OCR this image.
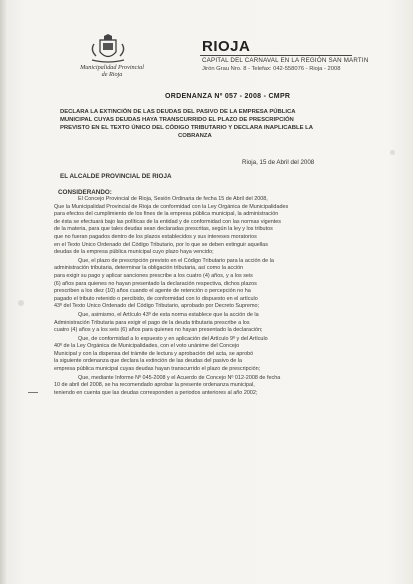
Municipalidad Provincial
de Rioja
RIOJA
CAPITAL DEL CARNAVAL EN LA REGIÓN SAN MARTIN
Jirón Grau Nro. 8 - Telefax: 042-558076 - Rioja - 2008
ORDENANZA Nº 057 - 2008 - CMPR
DECLARA LA EXTINCIÓN DE LAS DEUDAS DEL PASIVO DE LA EMPRESA PÚBLICA
MUNICIPAL CUYAS DEUDAS HAYA TRANSCURRIDO EL PLAZO DE PRESCRIPCIÓN
PREVISTO EN EL TEXTO ÚNICO DEL CÓDIGO TRIBUTARIO Y DECLARA INAPLICABLE LA
COBRANZA
Rioja, 15 de Abril del 2008
EL ALCALDE PROVINCIAL DE RIOJA
CONSIDERANDO:
El Concejo Provincial de Rioja, Sesión Ordinaria de fecha 15 de Abril del 2008,
Que la Municipalidad Provincial de Rioja de conformidad con la Ley Orgánica de Municipalidades
para efectos del cumplimiento de los fines de la empresa pública municipal, la administración
de ésta se efectuará bajo las políticas de la entidad y de conformidad con las normas vigentes
de la materia, para que tales deudas sean declaradas prescritas, según la ley y los tributos
que no fueran pagados dentro de los plazos establecidos y sus intereses moratorios
en el Texto Único Ordenado del Código Tributario, por lo que se deben extinguir aquellas
deudas de la empresa pública municipal cuyo plazo haya vencido;
Que, el plazo de prescripción previsto en el Código Tributario para la acción de la
administración tributaria, determinar la obligación tributaria, así como la acción
para exigir su pago y aplicar sanciones prescribe a los cuatro (4) años, y a los seis
(6) años para quienes no hayan presentado la declaración respectiva, dichos plazos
prescriben a los diez (10) años cuando el agente de retención o percepción no ha
pagado el tributo retenido o percibido, de conformidad con lo dispuesto en el artículo
43º del Texto Único Ordenado del Código Tributario, aprobado por Decreto Supremo;
Que, asimismo, el Artículo 43º de esta norma establece que la acción de la
Administración Tributaria para exigir el pago de la deuda tributaria prescribe a los
cuatro (4) años y a los seis (6) años para quienes no hayan presentado la declaración;
Que, de conformidad a lo expuesto y en aplicación del Artículo 9º y del Artículo
40º de la Ley Orgánica de Municipalidades, con el voto unánime del Concejo
Municipal y con la dispensa del trámite de lectura y aprobación del acta, se aprobó
la siguiente ordenanza que declara la extinción de las deudas del pasivo de la
empresa pública municipal cuyas deudas hayan transcurrido el plazo de prescripción;
Que, mediante Informe Nº 045-2008 y el Acuerdo de Concejo Nº 012-2008 de fecha
10 de abril del 2008, se ha recomendado aprobar la presente ordenanza municipal,
teniendo en cuenta que las deudas corresponden a periodos anteriores al año 2002;
